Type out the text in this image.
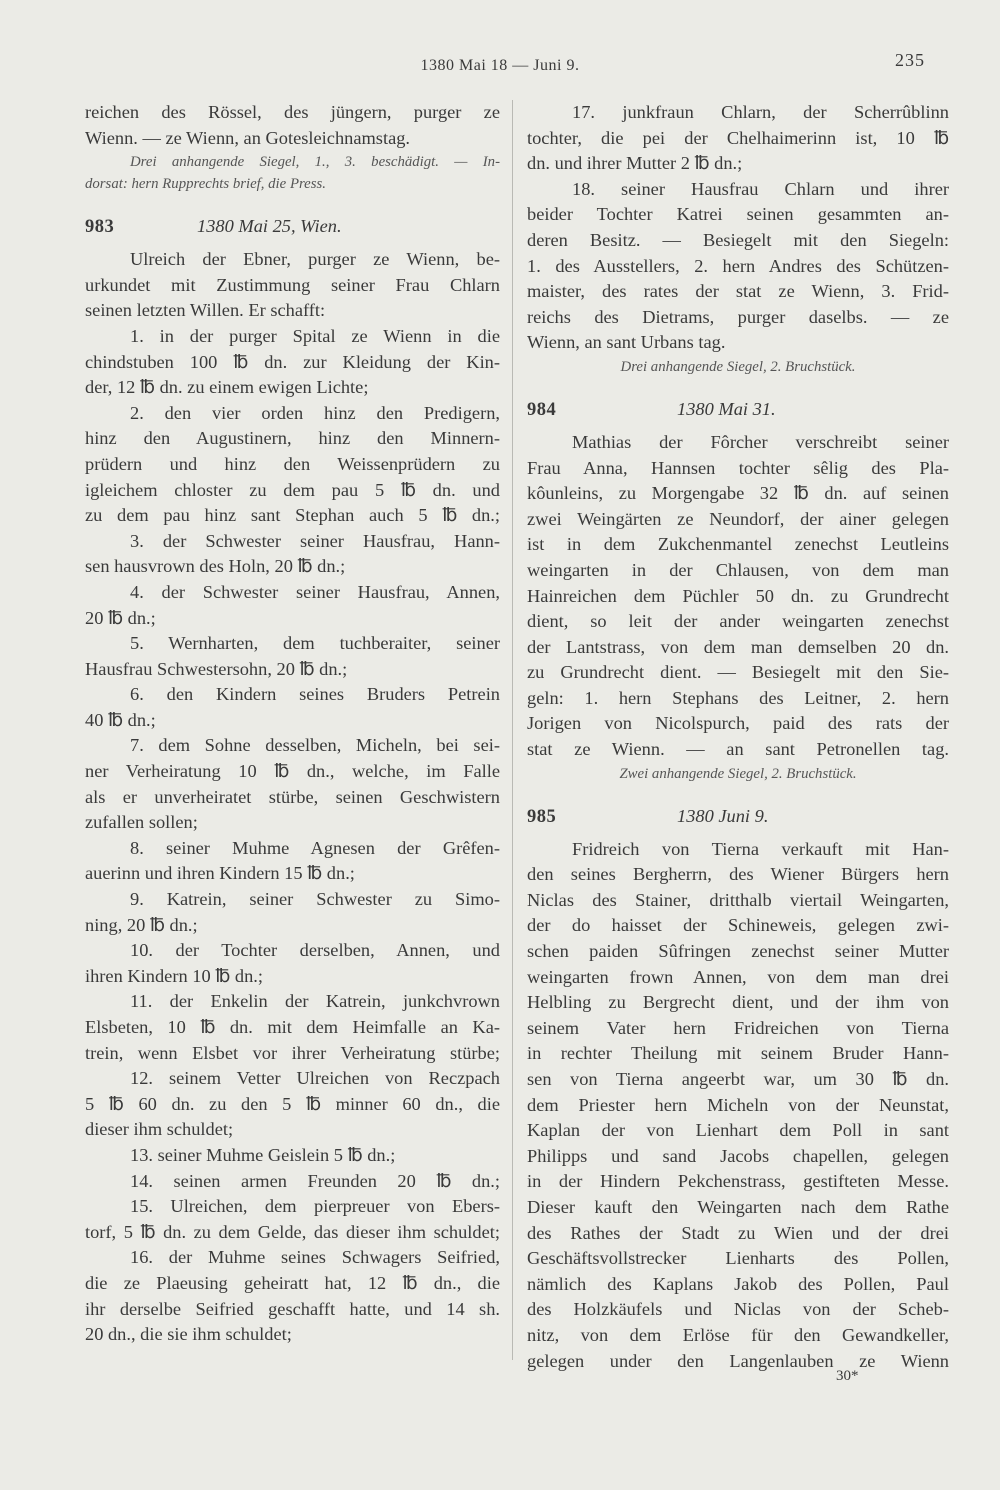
1380 Mai 18 — Juni 9.	235
reichen des Rössel, des jüngern, purger ze
Wienn. — ze Wienn, an Gotesleichnamstag.
Drei anhangende Siegel, 1., 3. beschädigt. — In-
dorsat: hern Rupprechts brief, die Press.
983	1380 Mai 25, Wien.
Ulreich der Ebner, purger ze Wienn, be-
urkundet mit Zustimmung seiner Frau Chlarn
seinen letzten Willen. Er schafft:
1. in der purger Spital ze Wienn in die
chindstuben 100 ℔ dn. zur Kleidung der Kin-
der, 12 ℔ dn. zu einem ewigen Lichte;
2. den vier orden hinz den Predigern,
hinz den Augustinern, hinz den Minnern-
prüdern und hinz den Weissenprüdern zu
igleichem chloster zu dem pau 5 ℔ dn. und
zu dem pau hinz sant Stephan auch 5 ℔ dn.;
3. der Schwester seiner Hausfrau, Hann-
sen hausvrown des Holn, 20 ℔ dn.;
4. der Schwester seiner Hausfrau, Annen,
20 ℔ dn.;
5. Wernharten, dem tuchberaiter, seiner
Hausfrau Schwestersohn, 20 ℔ dn.;
6. den Kindern seines Bruders Petrein
40 ℔ dn.;
7. dem Sohne desselben, Micheln, bei sei-
ner Verheiratung 10 ℔ dn., welche, im Falle
als er unverheiratet stürbe, seinen Geschwistern
zufallen sollen;
8. seiner Muhme Agnesen der Grêfen-
auerinn und ihren Kindern 15 ℔ dn.;
9. Katrein, seiner Schwester zu Simo-
ning, 20 ℔ dn.;
10. der Tochter derselben, Annen, und
ihren Kindern 10 ℔ dn.;
11. der Enkelin der Katrein, junkchvrown
Elsbeten, 10 ℔ dn. mit dem Heimfalle an Ka-
trein, wenn Elsbet vor ihrer Verheiratung stürbe;
12. seinem Vetter Ulreichen von Reczpach
5 ℔ 60 dn. zu den 5 ℔ minner 60 dn., die
dieser ihm schuldet;
13. seiner Muhme Geislein 5 ℔ dn.;
14. seinen armen Freunden 20 ℔ dn.;
15. Ulreichen, dem pierpreuer von Ebers-
torf, 5 ℔ dn. zu dem Gelde, das dieser ihm schuldet;
16. der Muhme seines Schwagers Seifried,
die ze Plaeusing geheiratt hat, 12 ℔ dn., die
ihr derselbe Seifried geschafft hatte, und 14 sh.
20 dn., die sie ihm schuldet;
17. junkfraun Chlarn, der Scherrûblinn
tochter, die pei der Chelhaimerinn ist, 10 ℔
dn. und ihrer Mutter 2 ℔ dn.;
18. seiner Hausfrau Chlarn und ihrer
beider Tochter Katrei seinen gesammten an-
deren Besitz. — Besiegelt mit den Siegeln:
1. des Ausstellers, 2. hern Andres des Schützen-
maister, des rates der stat ze Wienn, 3. Frid-
reichs des Dietrams, purger daselbs. — ze
Wienn, an sant Urbans tag.
Drei anhangende Siegel, 2. Bruchstück.
984	1380 Mai 31.
Mathias der Fôrcher verschreibt seiner
Frau Anna, Hannsen tochter sêlig des Pla-
kôunleins, zu Morgengabe 32 ℔ dn. auf seinen
zwei Weingärten ze Neundorf, der ainer gelegen
ist in dem Zukchenmantel zenechst Leutleins
weingarten in der Chlausen, von dem man
Hainreichen dem Püchler 50 dn. zu Grundrecht
dient, so leit der ander weingarten zenechst
der Lantstrass, von dem man demselben 20 dn.
zu Grundrecht dient. — Besiegelt mit den Sie-
geln: 1. hern Stephans des Leitner, 2. hern
Jorigen von Nicolspurch, paid des rats der
stat ze Wienn. — an sant Petronellen tag.
Zwei anhangende Siegel, 2. Bruchstück.
985	1380 Juni 9.
Fridreich von Tierna verkauft mit Han-
den seines Bergherrn, des Wiener Bürgers hern
Niclas des Stainer, dritthalb viertail Weingarten,
der do haisset der Schineweis, gelegen zwi-
schen paiden Sûfringen zenechst seiner Mutter
weingarten frown Annen, von dem man drei
Helbling zu Bergrecht dient, und der ihm von
seinem Vater hern Fridreichen von Tierna
in rechter Theilung mit seinem Bruder Hann-
sen von Tierna angeerbt war, um 30 ℔ dn.
dem Priester hern Micheln von der Neunstat,
Kaplan der von Lienhart dem Poll in sant
Philipps und sand Jacobs chapellen, gelegen
in der Hindern Pekchenstrass, gestifteten Messe.
Dieser kauft den Weingarten nach dem Rathe
des Rathes der Stadt zu Wien und der drei
Geschäftsvollstrecker Lienharts des Pollen,
nämlich des Kaplans Jakob des Pollen, Paul
des Holzkäufels und Niclas von der Scheb-
nitz, von dem Erlöse für den Gewandkeller,
gelegen under den Langenlauben ze Wienn
30*
